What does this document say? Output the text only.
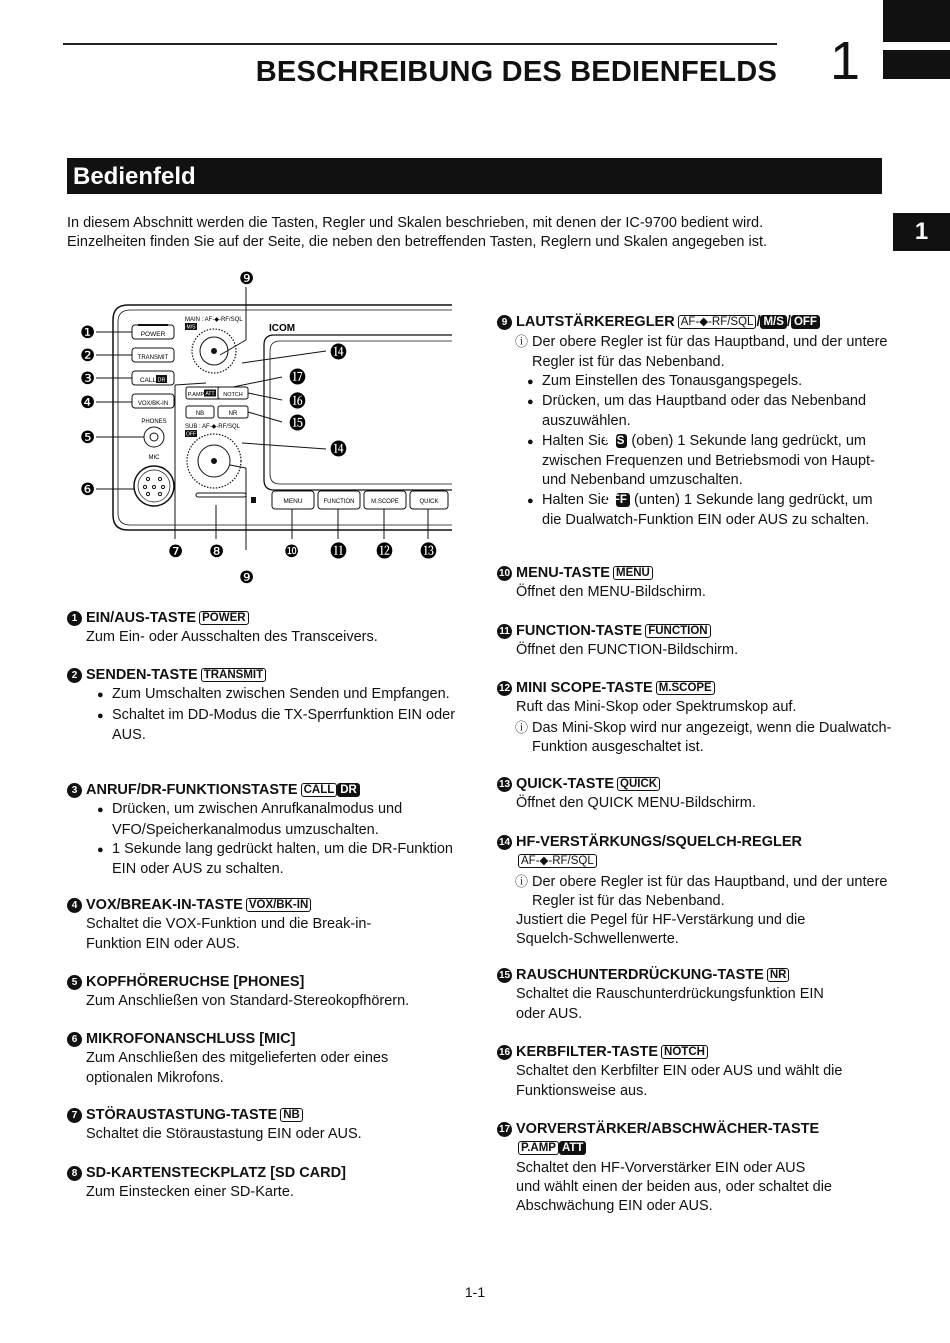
BESCHREIBUNG DES BEDIENFELDS 1
1
Bedienfeld
In diesem Abschnitt werden die Tasten, Regler und Skalen beschrieben, mit denen der IC-9700 bedient wird.
Einzelheiten finden Sie auf der Seite, die neben den betreffenden Tasten, Reglern und Skalen angegeben ist.
POWER
TRANSMIT
CALL DR
VOX/BK-IN
PHONES
MIC
MAIN : AF-◆-RF/SQL
M/S
SUB : AF-◆-RF/SQL
OFF
P.AMP ATT NOTCH
NB	NR
ICOM
MENU	FUNCTION	M.SCOPE	QUICK
❶
❷
❸
❹
❺
❻
❼ ❽
❾
❾
❿ ⓫ ⓬ ⓭
⓮
⓮
⓯
⓰
⓱
1 EIN/AUS-TASTE POWER
Zum Ein- oder Ausschalten des Transceivers.
2 SENDEN-TASTE TRANSMIT
● Zum Umschalten zwischen Senden und Empfangen.
● Schaltet im DD-Modus die TX-Sperrfunktion EIN oder AUS.
3 ANRUF/DR-FUNKTIONSTASTE CALL DR
● Drücken, um zwischen Anrufkanalmodus und VFO/Speicherkanalmodus umzuschalten.
● 1 Sekunde lang gedrückt halten, um die DR-Funktion EIN oder AUS zu schalten.
4 VOX/BREAK-IN-TASTE VOX/BK-IN
Schaltet die VOX-Funktion und die Break-in-
Funktion EIN oder AUS.
5 KOPFHÖRERUCHSE [PHONES]
Zum Anschließen von Standard-Stereokopfhörern.
6 MIKROFONANSCHLUSS [MIC]
Zum Anschließen des mitgelieferten oder eines
optionalen Mikrofons.
7 STÖRAUSTASTUNG-TASTE NB
Schaltet die Störaustastung EIN oder AUS.
8 SD-KARTENSTECKPLATZ [SD CARD]
Zum Einstecken einer SD-Karte.
9 LAUTSTÄRKEREGLER AF-◆-RF/SQL / M/S / OFF
ⓘ Der obere Regler ist für das Hauptband, und der untere Regler ist für das Nebenband.
● Zum Einstellen des Tonausgangspegels.
● Drücken, um das Hauptband oder das Nebenband auszuwählen.
● Halten Sie M/S (oben) 1 Sekunde lang gedrückt, um zwischen Frequenzen und Betriebsmodi von Haupt- und Nebenband umzuschalten.
● Halten Sie OFF (unten) 1 Sekunde lang gedrückt, um die Dualwatch-Funktion EIN oder AUS zu schalten.
10 MENU-TASTE MENU
Öffnet den MENU-Bildschirm.
11 FUNCTION-TASTE FUNCTION
Öffnet den FUNCTION-Bildschirm.
12 MINI SCOPE-TASTE M.SCOPE
Ruft das Mini-Skop oder Spektrumskop auf.
ⓘ Das Mini-Skop wird nur angezeigt, wenn die Dualwatch-Funktion ausgeschaltet ist.
13 QUICK-TASTE QUICK
Öffnet den QUICK MENU-Bildschirm.
14 HF-VERSTÄRKUNGS/SQUELCH-REGLER
AF-◆-RF/SQL
ⓘ Der obere Regler ist für das Hauptband, und der untere Regler ist für das Nebenband.
Justiert die Pegel für HF-Verstärkung und die
Squelch-Schwellenwerte.
15 RAUSCHUNTERDRÜCKUNG-TASTE NR
Schaltet die Rauschunterdrückungsfunktion EIN
oder AUS.
16 KERBFILTER-TASTE NOTCH
Schaltet den Kerbfilter EIN oder AUS und wählt die
Funktionsweise aus.
17 VORVERSTÄRKER/ABSCHWÄCHER-TASTE
P.AMP ATT
Schaltet den HF-Vorverstärker EIN oder AUS
und wählt einen der beiden aus, oder schaltet die
Abschwächung EIN oder AUS.
1-1
